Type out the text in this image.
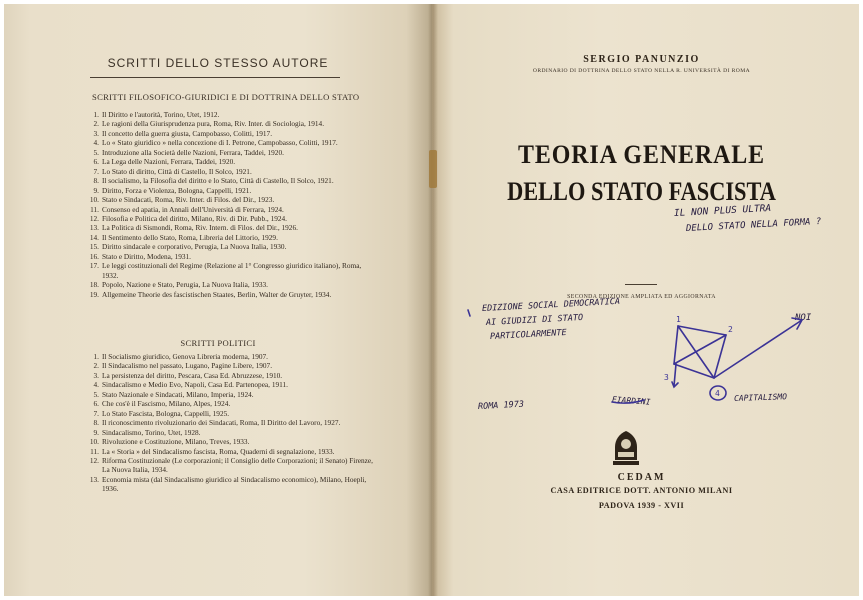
SCRITTI DELLO STESSO AUTORE
SCRITTI FILOSOFICO-GIURIDICI E DI DOTTRINA DELLO STATO
1. Il Diritto e l'autorità, Torino, Utet, 1912.
2. Le ragioni della Giurisprudenza pura, Roma, Riv. Inter. di Sociologia, 1914.
3. Il concetto della guerra giusta, Campobasso, Colitti, 1917.
4. Lo « Stato giuridico » nella concezione di I. Petrone, Campobasso, Colitti, 1917.
5. Introduzione alla Società delle Nazioni, Ferrara, Taddei, 1920.
6. La Lega delle Nazioni, Ferrara, Taddei, 1920.
7. Lo Stato di diritto, Città di Castello, Il Solco, 1921.
8. Il socialismo, la Filosofia del diritto e lo Stato, Città di Castello, Il Solco, 1921.
9. Diritto, Forza e Violenza, Bologna, Cappelli, 1921.
10. Stato e Sindacati, Roma, Riv. Inter. di Filos. del Dir., 1923.
11. Consenso ed apatia, in Annali dell'Università di Ferrara, 1924.
12. Filosofia e Politica del diritto, Milano, Riv. di Dir. Pubb., 1924.
13. La Politica di Sismondi, Roma, Riv. Intern. di Filos. del Dir., 1926.
14. Il Sentimento dello Stato, Roma, Libreria del Littorio, 1929.
15. Diritto sindacale e corporativo, Perugia, La Nuova Italia, 1930.
16. Stato e Diritto, Modena, 1931.
17. Le leggi costituzionali del Regime (Relazione al 1° Congresso giuridico italiano), Roma, 1932.
18. Popolo, Nazione e Stato, Perugia, La Nuova Italia, 1933.
19. Allgemeine Theorie des fascistischen Staates, Berlin, Walter de Gruyter, 1934.
SCRITTI POLITICI
1. Il Socialismo giuridico, Genova Libreria moderna, 1907.
2. Il Sindacalismo nel passato, Lugano, Pagine Libere, 1907.
3. La persistenza del diritto, Pescara, Casa Ed. Abruzzese, 1910.
4. Sindacalismo e Medio Evo, Napoli, Casa Ed. Partenopea, 1911.
5. Stato Nazionale e Sindacati, Milano, Imperia, 1924.
6. Che cos'è il Fascismo, Milano, Alpes, 1924.
7. Lo Stato Fascista, Bologna, Cappelli, 1925.
8. Il riconoscimento rivoluzionario dei Sindacati, Roma, Il Diritto del Lavoro, 1927.
9. Sindacalismo, Torino, Utet, 1928.
10. Rivoluzione e Costituzione, Milano, Treves, 1933.
11. La « Storia » del Sindacalismo fascista, Roma, Quaderni di segnalazione, 1933.
12. Riforma Costituzionale (Le corporazioni; il Consiglio delle Corporazioni; il Senato) Firenze, La Nuova Italia, 1934.
13. Economia mista (dal Sindacalismo giuridico al Sindacalismo economico), Milano, Hoepli, 1936.
SERGIO PANUNZIO
ORDINARIO DI DOTTRINA DELLO STATO NELLA R. UNIVERSITÀ DI ROMA
TEORIA GENERALE
DELLO STATO FASCISTA
SECONDA EDIZIONE AMPLIATA ED AGGIORNATA
CEDAM
CASA EDITRICE DOTT. ANTONIO MILANI
PADOVA 1939 - XVII
IL NON PLUS ULTRA
DELLO STATO NELLA FORMA ?
EDIZIONE SOCIAL DEMOCRATICA
AI GIUDIZI DI STATO
PARTICOLARMENTE
ROMA 1973	EIARDINI	CAPITALISMO
NOI
1
2
3
4
